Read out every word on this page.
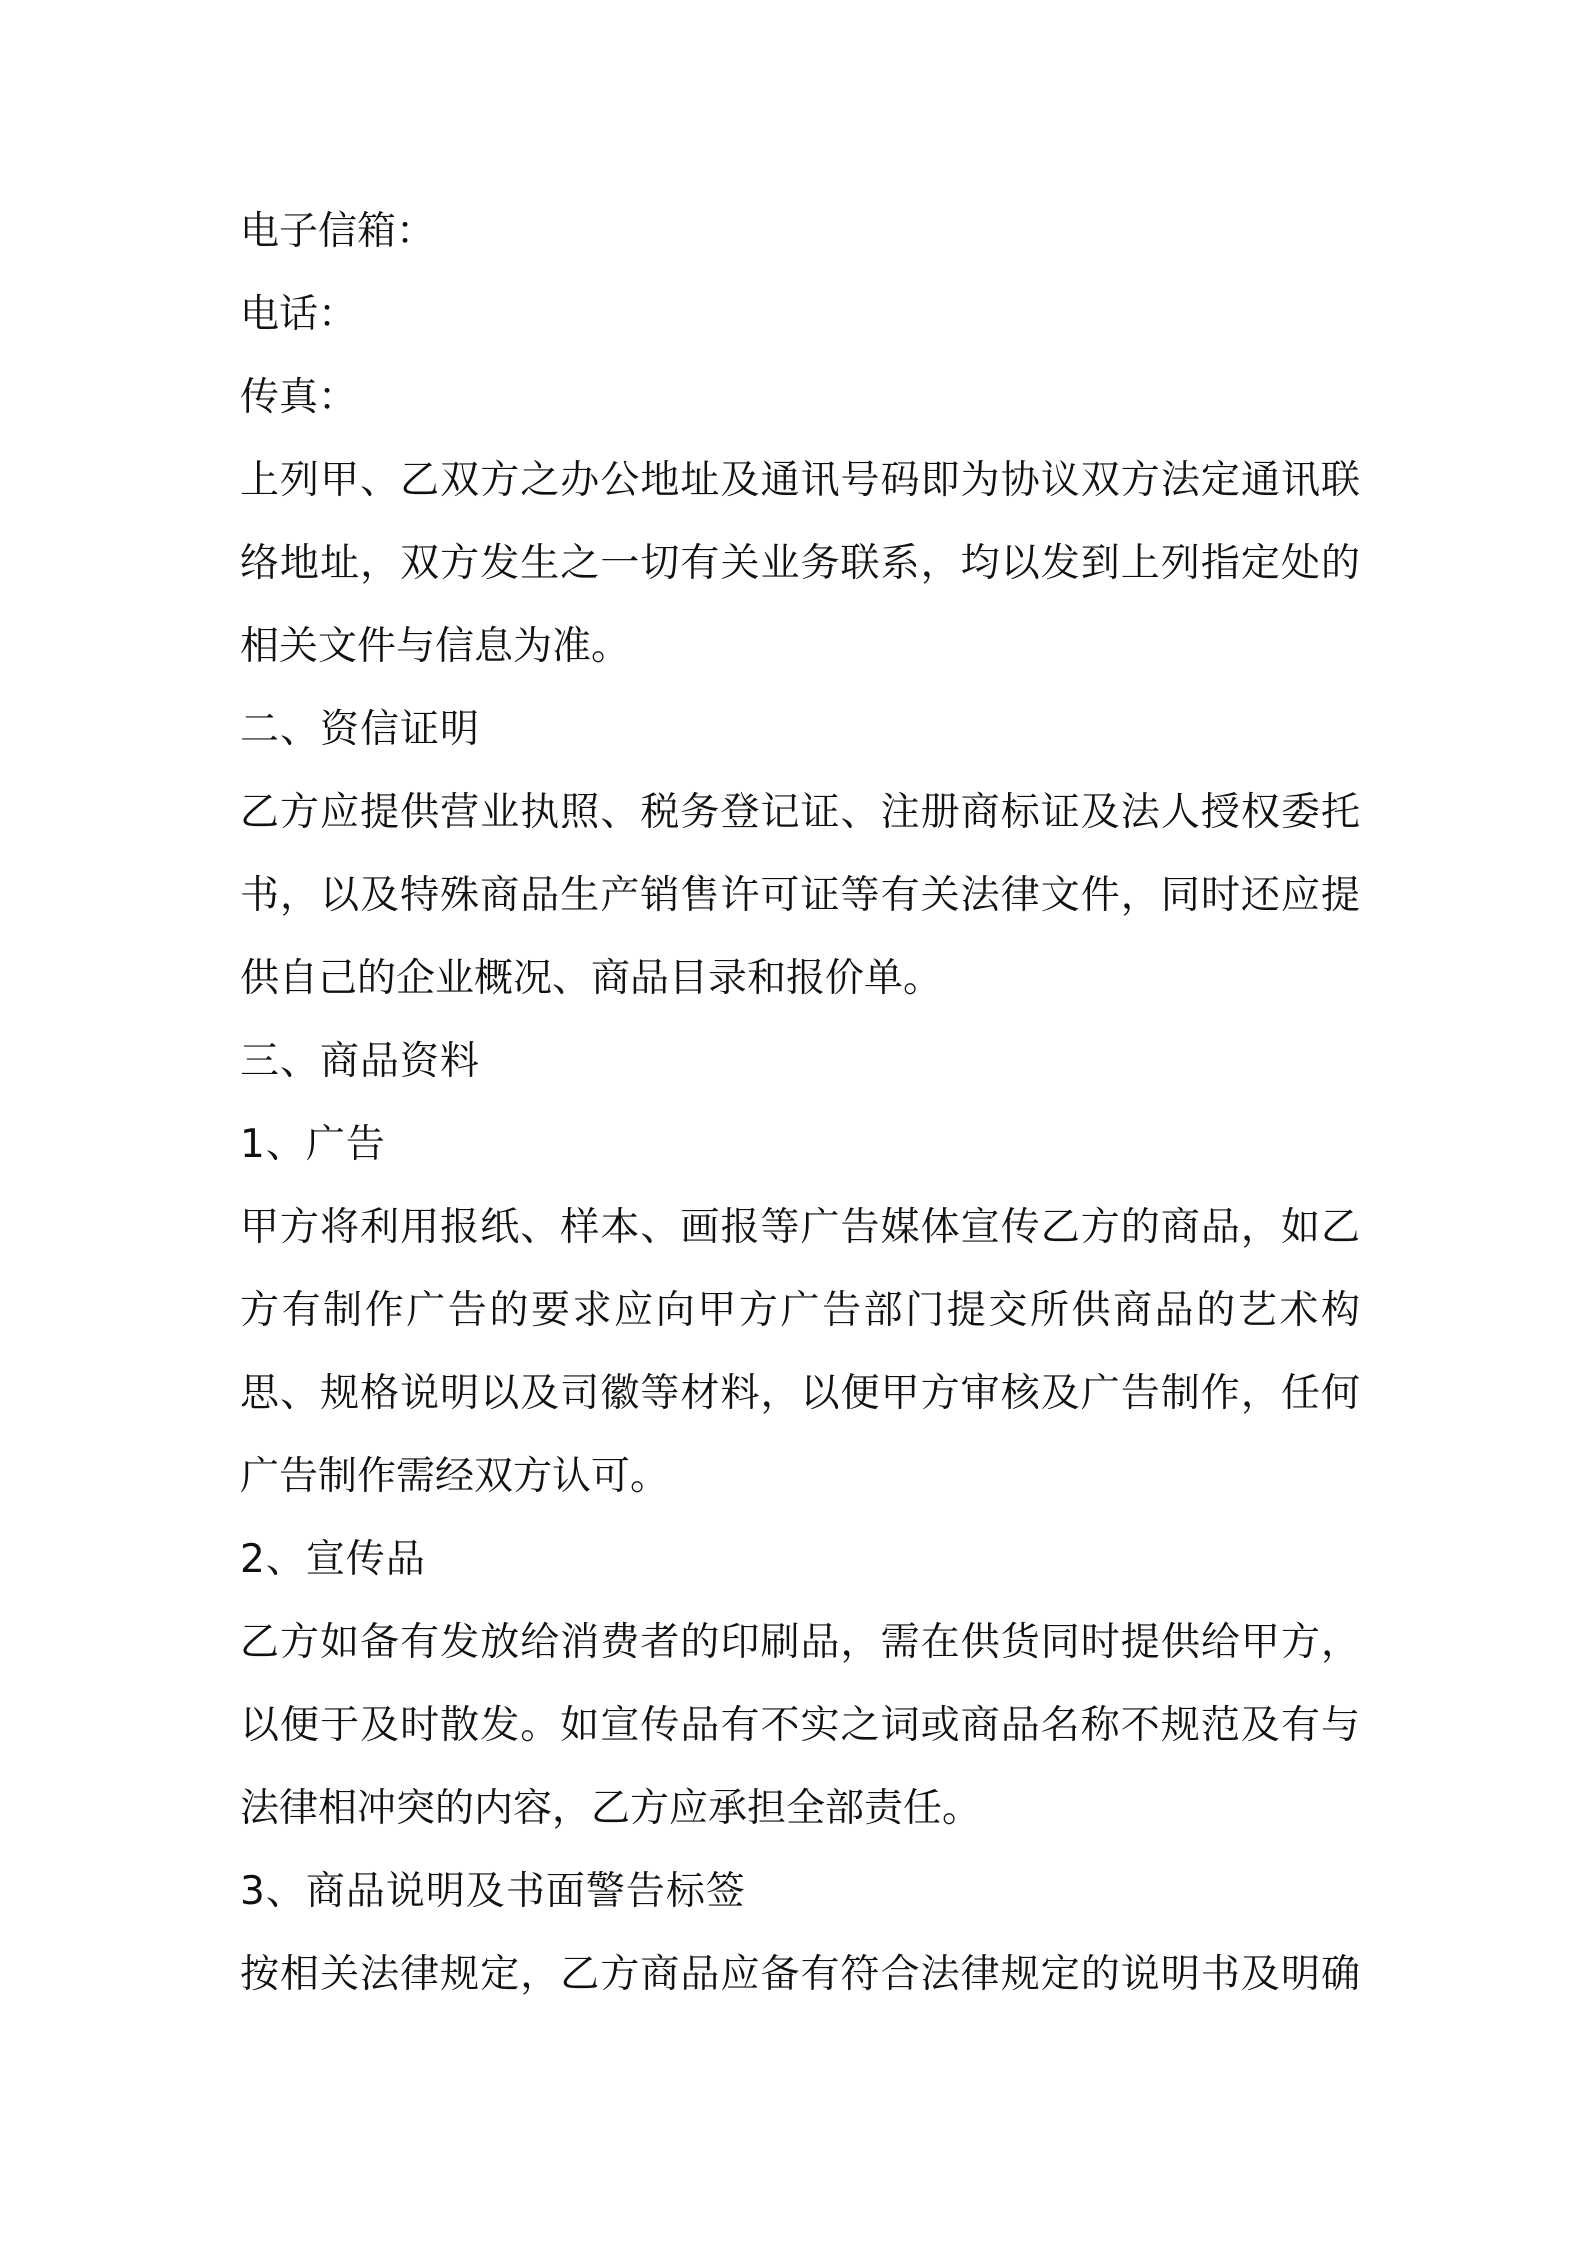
电子信箱：
电话：
传真：
上列甲、乙双方之办公地址及通讯号码即为协议双方法定通讯联
络地址，双方发生之一切有关业务联系，均以发到上列指定处的
相关文件与信息为准。
二、资信证明
乙方应提供营业执照、税务登记证、注册商标证及法人授权委托
书，以及特殊商品生产销售许可证等有关法律文件，同时还应提
供自己的企业概况、商品目录和报价单。
三、商品资料
1、广告
甲方将利用报纸、样本、画报等广告媒体宣传乙方的商品，如乙
方有制作广告的要求应向甲方广告部门提交所供商品的艺术构
思、规格说明以及司徽等材料，以便甲方审核及广告制作，任何
广告制作需经双方认可。
2、宣传品
乙方如备有发放给消费者的印刷品，需在供货同时提供给甲方，
以便于及时散发。如宣传品有不实之词或商品名称不规范及有与
法律相冲突的内容，乙方应承担全部责任。
3、商品说明及书面警告标签
按相关法律规定，乙方商品应备有符合法律规定的说明书及明确
